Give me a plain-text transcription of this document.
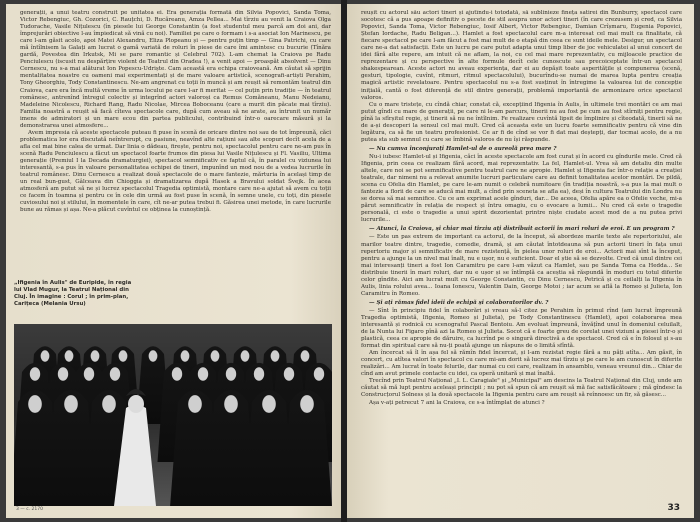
generații, a unui teatru construit pe unitatea ei. Era generația formată din Silvia Popovici, Sanda Toma, Victor Rebengiuc, Gh. Cozorici, C. Rauțchi, D. Rucăreanu, Amza Pellea... Mai tîrziu au venit la Craiova Olga Tudorache, Vasile Nițulescu (în piesele lui George Constantin (a fost studentul meu parcă am doi ani, dar împrejurări obiective l-au împiedicat să vină cu noi). Familiei pe care o formam i s-a asociat Ion Marinescu, pe care l-am găsit acolo, apoi Matei Alexandru, Eliza Plopeanu și — pentru puțin timp — Gina Patrichi, cu care mă întîlnisem la Galați am lucrat o gamă variată de roluri în piese de care îmi amintesc cu bucurie (Tînăra gardă, Povestea din Irkutsk, Mi se pare romantic și Celebrul 702). L-am chemat la Craiova pe Radu Penciulescu (iscusit nu despărțire violent de Teatrul din Oradea !), a venit apoi — proaspăt absolvent — Dinu Cernescu, nu s-a mai alăturat Ion Popescu-Udriște. Cam această era echipa craioveană. Am căutat să sprijin mentalitatea noastre cu oameni mai experimentați și de mare valoare artistică, scenografi-artiști Perahim, Tony Gheorghiu, Tody Constantinescu. Ne-am angrenat cu toții în muncă și am reușit să remontăm teatrul din Craiova, care era încă multă vreme în urma locului pe care l-ar fi meritat — cel puțin prin tradiție — în teatrul românesc, antrenînd întregul colectiv și integrînd actori valoroși ca Remus Comăneanu, Manu Nedeianu, Madeleine Nicolescu, Richard Rang, Radu Nicolae, Mircea Boboceanu (care a murit din păcate mai tîrziu). Familia noastră a reușit să facă cîteva spectacole care, după cum aveau să ne arate, au întrunit un număr imens de admiratori și un mare ecou din partea publicului, contribuind într-o oarecare măsură și la demonstrarea unei atmosfere...

Avem impresia că aceste spectacole puteau fi puse în scenă de oricare dintre noi sau de tot împreună, căci problematica lor era discutată neîntrerupt, cu pasiune, neavînd alte rațiuni sau alte scopuri decît acela de a afla cel mai bine calea de urmat. Dar linia o dădeau, firește, pentru noi, spectacolul pentru care ne-am pus în scenă Radu Penciulescu a făcut un spectacol foarte frumos din piesa lui Vasile Nițulescu și Fl. Vasiliu, Ultima generație (Premiul I la Decada dramaturgiei), spectacol semnificativ ce faptul că, în paralel cu viziunea lui interesantă, s-a pus în valoare personalitatea echipei de tineri, impunînd un mod nou de a vedea lucrurile în teatrul românesc. Dinu Cernescu a realizat două spectacole de o mare fantezie, mărturia în același timp de un real bun-gust, Gâlceava din Chioggia și dramatizarea după Hasek a Bravului soldat Švejk. În acea atmosferă am putut să ne și lucrez spectacolul Tragedia optimistă, montare care ne-a ajutat să avem cu toții ce facem în toamna și pentru ce în cele din urmă au fost puse în scenă, în semne unele, cu toți, din piesele cuviosului noi și stilului, în momentele în care, cît ne-ar putea trebui fi. Găsirea unei metode, în care lucrurile bune au rămas și așa. Ne-a plăcut cuvîntul ce obținea la cunoștință.

3 — c. 2170
„Ifigenia în Aulis" de Euripide, în regia lui Vlad Mugur, la Teatrul Național din Cluj. În imagine : Corul ; în prim-plan, Carițeca (Melania Ursu)

reușit cu actorul său actori tineri și ajutîndu-i totodată, să sublinieze fineța satirei din Bunburry, spectacol care socotesc că a pus apoape definitiv o pecete de stil asupra unor actori tineri (în care crezusem și cred, ca Silvia Popovici, Sanda Toma, Victor Rebengiuc, Iosif Albert, Victor Rebengiuc, Damian Crîșmaru, Eugenia Popovici, Ștefan Iordache, Radu Beligan...). Hamlet a fost spectacolul care m-a interesat cel mai mult ca finalitate, că fiecare spectacol pe care l-am făcut a fost mai mult de o etapă din ceea ce sunt ideile mele. Desigur, un spectacol care ne-a dat satisfacții. Este un lucru pe care putut adapta unui timp liber de joc vehiculatei al unui concert de idei fără alte repere, am intuit că ne aflam, la noi, cu cel mai mare reprezentativ, cu mijloacele practice de reprezentare și cu perspective în alte formule decît cele cunoscute sau precoiceptate într-un spectacol shakespearean. Aceste actori nu aveau experiența, dar ei au depășit toate asperitățile și compunerea (scenă, gesturi, tipologie, cuvînt, ritmuri, ritmul spectacolului), bucurîndu-se numai de marea lupta pentru creația magică artistic revelatoare. Pentru spectacolul nu s-a fost susținut în întregime la valoarea lui de concepție inițială, cantă o fost diferență de stil dintre generații, problemă importantă de armonizare orice spectacol valoros.

Cu o mare tristețe, cu cîndă chiar, constat că, excepțiind Ifigenia în Aulis, în ultimele trei montări ce am mai putut gîndi cu mare de generații, pe care ni le-am parcurs, tinerii nu au fost pe cum au fost stîrniți pentru regie, pînă la sfîrșitul regie, și tinerii să nu ne întîlnim. Fe realizare cuvîntă lipsit de împlinire și cîteodată, tinerii să ne de a-și descoperi la sensul cel mai mult. Cred că aceasta este un lucru foarte semnificativ pentru că vine din legătura, ca să fie un teatru profesionist. Ce ar fi de cînd se vor fi dat mai deștepți, dar tocmai acolo, de a nu putea sta sub semnul cu care se îmbină valoros de nu își răspunde.

— Nu cumva înconjurați Hamlet-ul de o aureolă prea mare ?

Nu-i iubesc Hamlet-ul și Ifigenia, căci în aceste spectacole am fost curat și în acord cu gîndurile mele. Cred că Ifigenia, prin ceea ce realizam fără acord, mai reprezentativ. La fel, Hamlet-ul. Vrea să am detaliu din multe altele, care noi se pot semnificative pentru teatrul care ne apropie. Hamlet și Ifigenia fac într-o relație a creației teatrale, dar nimeni nu a relevat anumite lucruri particulare care au definit tonalitatea acelor montări. De pildă, scena cu Ofelia din Hamlet, pe care le-am numit o celebră numitoare (în tradiția noastră, s-a pus la mai mult o fantezie a florii de care se aducă mai mult, a cînd prin sceneta se afla ea), deși în cultura Teatrului din Londra nu se dorea să mai semnifice. Cu ce am exprimat acele gînduri, dar... De aceea, Ofelia apăre ea o Ofelie veche, mi-a părut semnificativ în relația de respect și întru omagiu, cu o evocare a lumii... Nu cred că este o tragedie personală, ci este o tragedie a unui spirit dezorientat printre niște ciudate acest mod de a nu putea privi lucrurile...

— Atunci, la Craiova, și chiar mai tîrziu ați distribuit actorii în mari roluri de eroi. E un program ?

— Este un pas extrem de important ca actorul, de la început, să abordeze marile texte ale repertoriului, ale marilor teatre dintre, tragedie, comedie, dramă, și am căutat întotdeauna să pun actorii tineri în fața unui repertoriu major și semnificativ de mare rezistență, în pielea unor roluri de eroi... Actorii mai sînt la început, pentru a ajunge la un nivel mai înalt, nu e ușor, nu e suficient. Doar el știe să se dezvolte. Cred că unul dintre cei mai interesanți tineri a fost Ion Caramitru pe care l-am văzut ca Hamlet, sau pe Sanda Toma ca Hedda... Se distribuie tinerii în mari roluri, dar nu e ușor și se întîmplă ca aceștia să răspundă în moduri cu totul diferite celor gîndite. Aici am lucrat mult cu George Constantin, cu Dinu Cernescu, Petrică și cu ceilalți la Ifigenia în Aulis, linia rolului avea... Ioana Ionescu, Valentin Dain, George Motoi ; iar acum se află la Romeo și Julieta, Ion Caramitru în Romeo.

— Și ați rămas fidel ideii de echipă și colaboratorilor dv. ?

— Sînt în principiu fidel în colaborări și vreau să-l citez pe Perahim în primul rînd (am lucrat împreună Tragedia optimistă, Ifigenia, Romeo și Julieta), pe Tody Constantinescu (Hamlet), apoi colaborarea mea interesantă și rodnică cu scenograful Pascal Bentoiu. Am evoluat împreună, învățînd unul în domeniul celuilalt, de la Nunta lui Figaro pînă azi la Romeo și Julieta. Socot că e foarte greu de corelat unei viziuni a piesei într-o și plastică, ceea ce apropie de dăruire, ca lucrînd pe o singură directivă a de spectacol. Cred că e în folosul și s-au format din spiritual care să nu-ți poată ajunge un răspuns de o limită sfîntă.

Am încercat să îl în așa fel să rămîn fidel încercat, și l-am rezistat regie fără a nu păți atîta... Am găsit, în concert, cu atîtea valori în spectacol cu care mi-am dorit să lucrez mai tîrziu și pe care le am cunoscut în diferite realizări... Am lucrat în toate felurile, dar numai cu cei care, realizam în ansamblu, veneau vreunul din... Chiar de cînd am avut primele contacte cu idei, ca operă unitară și mai înaltă.

Trecînd prin Teatrul Național „I. L. Caragiale" și „Municipal" am descins la Teatrul Național din Cluj, unde am căutat să mă lupt pentru aceleași principii ; nu pot să spun că am reușit să mă fac satisfăcătoare ; mă gîndesc la Construcțorul Solness și la două spectacole la Ifigenia pentru care am reușit să reînnoesc un fir, să găsesc...

Așa v-ați petrecut 7 ani la Craiova, ce s-a întîmplat de atunci ?

33
